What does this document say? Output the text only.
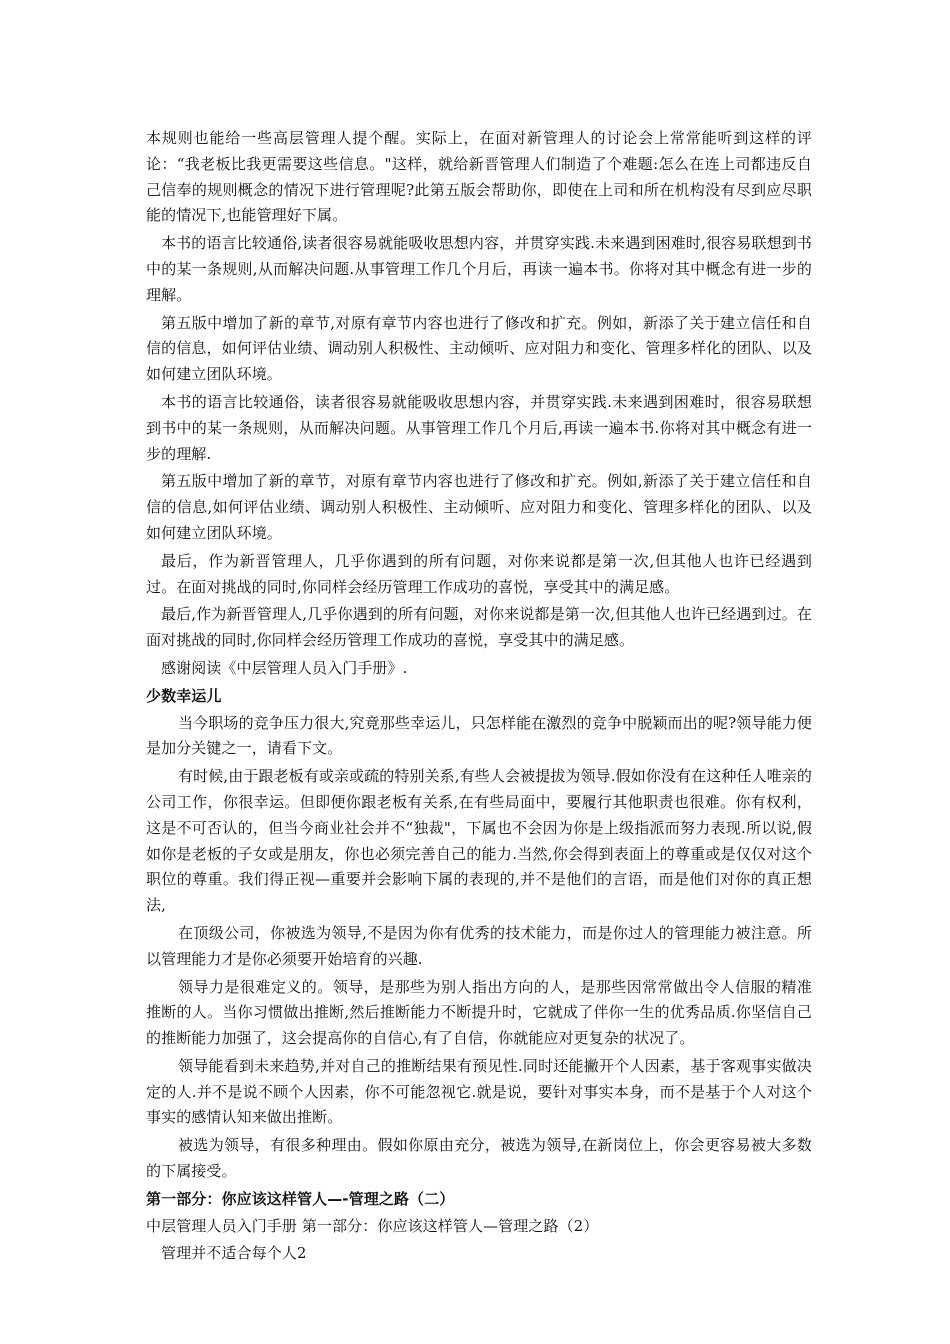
本规则也能给一些高层管理人提个醒。实际上，在面对新管理人的讨论会上常常能听到这样的评论：“我老板比我更需要这些信息。"这样，就给新晋管理人们制造了个难题:怎么在连上司都违反自己信奉的规则概念的情况下进行管理呢?此第五版会帮助你，即使在上司和所在机构没有尽到应尽职能的情况下,也能管理好下属。

本书的语言比较通俗,读者很容易就能吸收思想内容，并贯穿实践.未来遇到困难时,很容易联想到书中的某一条规则,从而解决问题.从事管理工作几个月后，再读一遍本书。你将对其中概念有进一步的理解。

第五版中增加了新的章节,对原有章节内容也进行了修改和扩充。例如，新添了关于建立信任和自信的信息，如何评估业绩、调动别人积极性、主动倾听、应对阻力和变化、管理多样化的团队、以及如何建立团队环境。

本书的语言比较通俗，读者很容易就能吸收思想内容，并贯穿实践.未来遇到困难时，很容易联想到书中的某一条规则，从而解决问题。从事管理工作几个月后,再读一遍本书.你将对其中概念有进一步的理解.

第五版中增加了新的章节，对原有章节内容也进行了修改和扩充。例如,新添了关于建立信任和自信的信息,如何评估业绩、调动别人积极性、主动倾听、应对阻力和变化、管理多样化的团队、以及如何建立团队环境。

最后，作为新晋管理人，几乎你遇到的所有问题，对你来说都是第一次,但其他人也许已经遇到过。在面对挑战的同时,你同样会经历管理工作成功的喜悦，享受其中的满足感。

最后,作为新晋管理人,几乎你遇到的所有问题，对你来说都是第一次,但其他人也许已经遇到过。在面对挑战的同时,你同样会经历管理工作成功的喜悦，享受其中的满足感。

感谢阅读《中层管理人员入门手册》.

少数幸运儿

当今职场的竞争压力很大,究竟那些幸运儿，只怎样能在激烈的竞争中脱颖而出的呢?领导能力便是加分关键之一，请看下文。

有时候,由于跟老板有或亲或疏的特别关系,有些人会被提拔为领导.假如你没有在这种任人唯亲的公司工作，你很幸运。但即便你跟老板有关系,在有些局面中，要履行其他职责也很难。你有权利，这是不可否认的，但当今商业社会并不“独裁"，下属也不会因为你是上级指派而努力表现.所以说,假如你是老板的子女或是朋友，你也必须完善自己的能力.当然,你会得到表面上的尊重或是仅仅对这个职位的尊重。我们得正视—重要并会影响下属的表现的,并不是他们的言语，而是他们对你的真正想法,

在顶级公司，你被选为领导,不是因为你有优秀的技术能力，而是你过人的管理能力被注意。所以管理能力才是你必须要开始培育的兴趣.

领导力是很难定义的。领导，是那些为别人指出方向的人，是那些因常常做出令人信服的精准推断的人。当你习惯做出推断,然后推断能力不断提升时，它就成了伴你一生的优秀品质.你坚信自己的推断能力加强了，这会提高你的自信心,有了自信，你就能应对更复杂的状况了。

领导能看到未来趋势,并对自己的推断结果有预见性.同时还能撇开个人因素，基于客观事实做决定的人.并不是说不顾个人因素，你不可能忽视它.就是说，要针对事实本身，而不是基于个人对这个事实的感情认知来做出推断。

被选为领导，有很多种理由。假如你原由充分，被选为领导,在新岗位上，你会更容易被大多数的下属接受。

第一部分：你应该这样管人—-管理之路（二）

中层管理人员入门手册 第一部分：你应该这样管人—管理之路（2）

管理并不适合每个人2
